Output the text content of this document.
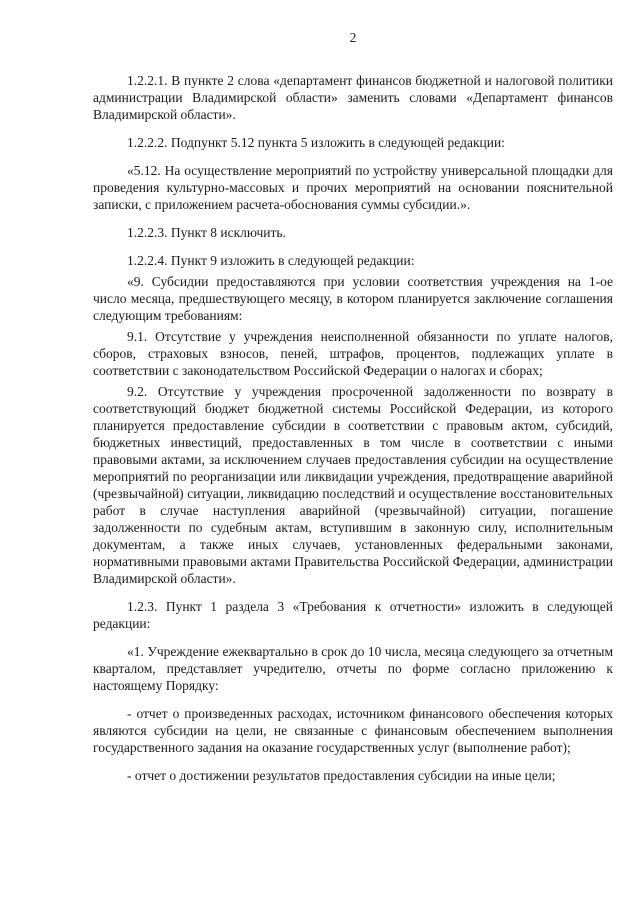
2

1.2.2.1. В пункте 2 слова «департамент финансов бюджетной и налоговой политики администрации Владимирской области» заменить словами «Департамент финансов Владимирской области».

1.2.2.2. Подпункт 5.12 пункта 5 изложить в следующей редакции:

«5.12. На осуществление мероприятий по устройству универсальной площадки для проведения культурно-массовых и прочих мероприятий на основании пояснительной записки, с приложением расчета-обоснования суммы субсидии.».

1.2.2.3. Пункт 8 исключить.

1.2.2.4. Пункт 9 изложить в следующей редакции:

«9. Субсидии предоставляются при условии соответствия учреждения на 1-ое число месяца, предшествующего месяцу, в котором планируется заключение соглашения следующим требованиям:

9.1. Отсутствие у учреждения неисполненной обязанности по уплате налогов, сборов, страховых взносов, пеней, штрафов, процентов, подлежащих уплате в соответствии с законодательством Российской Федерации о налогах и сборах;

9.2. Отсутствие у учреждения просроченной задолженности по возврату в соответствующий бюджет бюджетной системы Российской Федерации, из которого планируется предоставление субсидии в соответствии с правовым актом, субсидий, бюджетных инвестиций, предоставленных в том числе в соответствии с иными правовыми актами, за исключением случаев предоставления субсидии на осуществление мероприятий по реорганизации или ликвидации учреждения, предотвращение аварийной (чрезвычайной) ситуации, ликвидацию последствий и осуществление восстановительных работ в случае наступления аварийной (чрезвычайной) ситуации, погашение задолженности по судебным актам, вступившим в законную силу, исполнительным документам, а также иных случаев, установленных федеральными законами, нормативными правовыми актами Правительства Российской Федерации, администрации Владимирской области».

1.2.3. Пункт 1 раздела 3 «Требования к отчетности» изложить в следующей редакции:

«1. Учреждение ежеквартально в срок до 10 числа, месяца следующего за отчетным кварталом, представляет учредителю, отчеты по форме согласно приложению к настоящему Порядку:

- отчет о произведенных расходах, источником финансового обеспечения которых являются субсидии на цели, не связанные с финансовым обеспечением выполнения государственного задания на оказание государственных услуг (выполнение работ);

- отчет о достижении результатов предоставления субсидии на иные цели;
